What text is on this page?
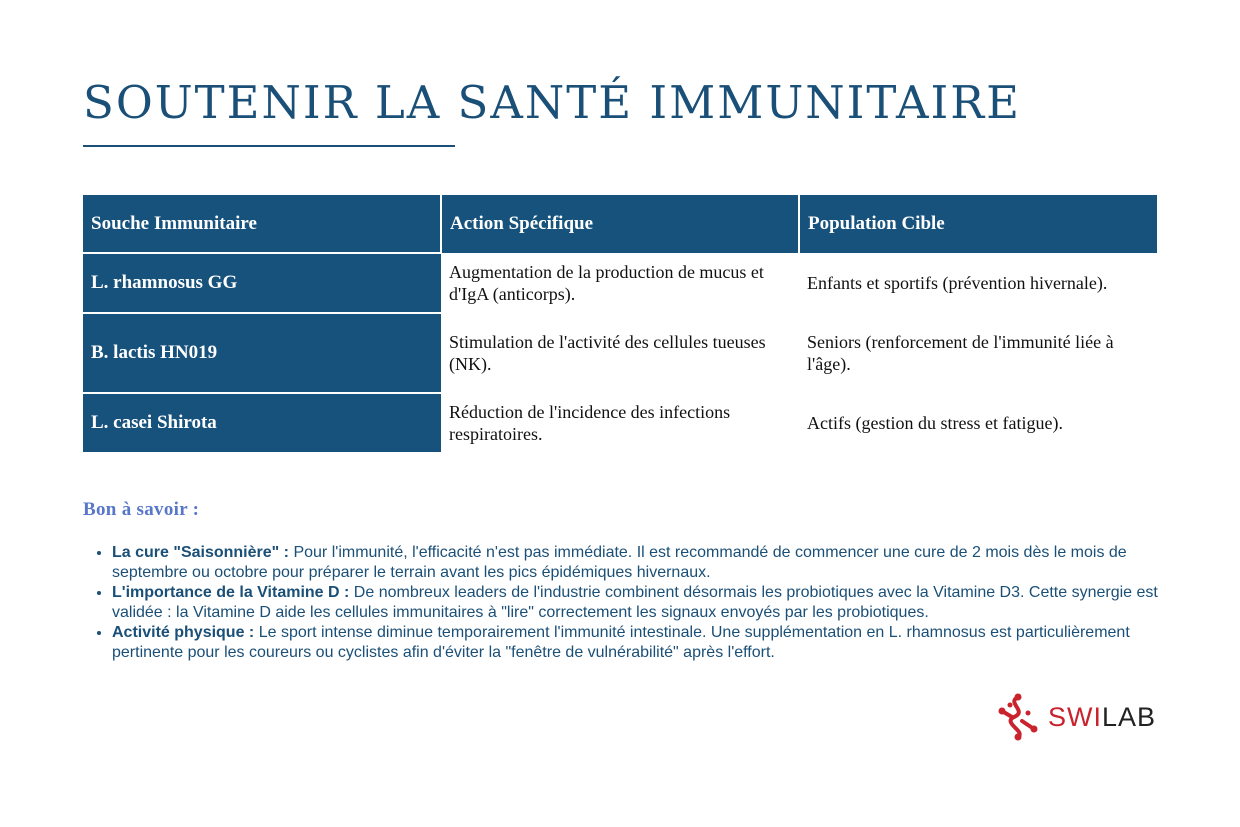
SOUTENIR LA SANTÉ IMMUNITAIRE
Souche Immunitaire	Action Spécifique	Population Cible
L. rhamnosus GG	Augmentation de la production de mucus et d'IgA (anticorps).	Enfants et sportifs (prévention hivernale).
B. lactis HN019	Stimulation de l'activité des cellules tueuses (NK).	Seniors (renforcement de l'immunité liée à l'âge).
L. casei Shirota	Réduction de l'incidence des infections respiratoires.	Actifs (gestion du stress et fatigue).
Bon à savoir :
• La cure "Saisonnière" : Pour l'immunité, l'efficacité n'est pas immédiate. Il est recommandé de commencer une cure de 2 mois dès le mois de septembre ou octobre pour préparer le terrain avant les pics épidémiques hivernaux.
• L'importance de la Vitamine D : De nombreux leaders de l'industrie combinent désormais les probiotiques avec la Vitamine D3. Cette synergie est validée : la Vitamine D aide les cellules immunitaires à "lire" correctement les signaux envoyés par les probiotiques.
• Activité physique : Le sport intense diminue temporairement l'immunité intestinale. Une supplémentation en L. rhamnosus est particulièrement pertinente pour les coureurs ou cyclistes afin d'éviter la "fenêtre de vulnérabilité" après l'effort.
SWILAB
